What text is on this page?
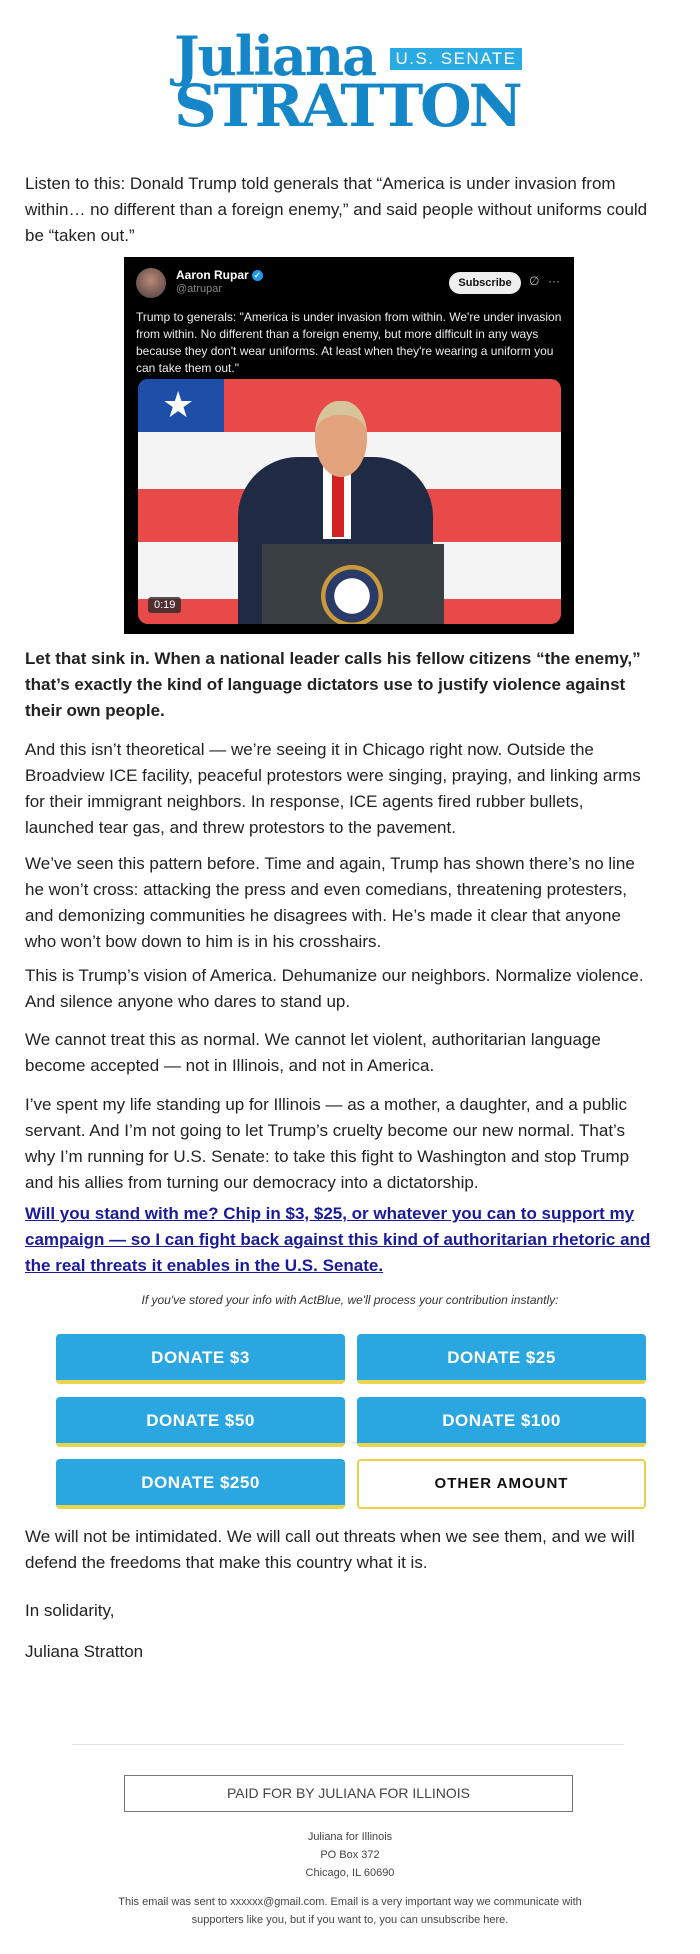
Juliana	U.S. SENATE
STRATTON

Listen to this: Donald Trump told generals that “America is under invasion from within… no different than a foreign enemy,” and said people without uniforms could be “taken out.”

Aaron Rupar ✓
@atrupar	Subscribe	∅ ···
Trump to generals: "America is under invasion from within. We're under invasion from within. No different than a foreign enemy, but more difficult in any ways because they don't wear uniforms. At least when they're wearing a uniform you can take them out."
★
0:19

Let that sink in. When a national leader calls his fellow citizens “the enemy,” that’s exactly the kind of language dictators use to justify violence against their own people.

And this isn’t theoretical — we’re seeing it in Chicago right now. Outside the Broadview ICE facility, peaceful protestors were singing, praying, and linking arms for their immigrant neighbors. In response, ICE agents fired rubber bullets, launched tear gas, and threw protestors to the pavement.

We’ve seen this pattern before. Time and again, Trump has shown there’s no line he won’t cross: attacking the press and even comedians, threatening protesters, and demonizing communities he disagrees with. He’s made it clear that anyone who won’t bow down to him is in his crosshairs.

This is Trump’s vision of America. Dehumanize our neighbors. Normalize violence. And silence anyone who dares to stand up.

We cannot treat this as normal. We cannot let violent, authoritarian language become accepted — not in Illinois, and not in America.

I’ve spent my life standing up for Illinois — as a mother, a daughter, and a public servant. And I’m not going to let Trump’s cruelty become our new normal. That’s why I’m running for U.S. Senate: to take this fight to Washington and stop Trump and his allies from turning our democracy into a dictatorship.

Will you stand with me? Chip in $3, $25, or whatever you can to support my campaign — so I can fight back against this kind of authoritarian rhetoric and the real threats it enables in the U.S. Senate.

If you've stored your info with ActBlue, we'll process your contribution instantly:
DONATE $3	DONATE $25
DONATE $50	DONATE $100
DONATE $250	OTHER AMOUNT

We will not be intimidated. We will call out threats when we see them, and we will defend the freedoms that make this country what it is.

In solidarity,

Juliana Stratton

PAID FOR BY JULIANA FOR ILLINOIS
Juliana for Illinois
PO Box 372
Chicago, IL 60690
This email was sent to xxxxxx@gmail.com. Email is a very important way we communicate with
supporters like you, but if you want to, you can unsubscribe here.
